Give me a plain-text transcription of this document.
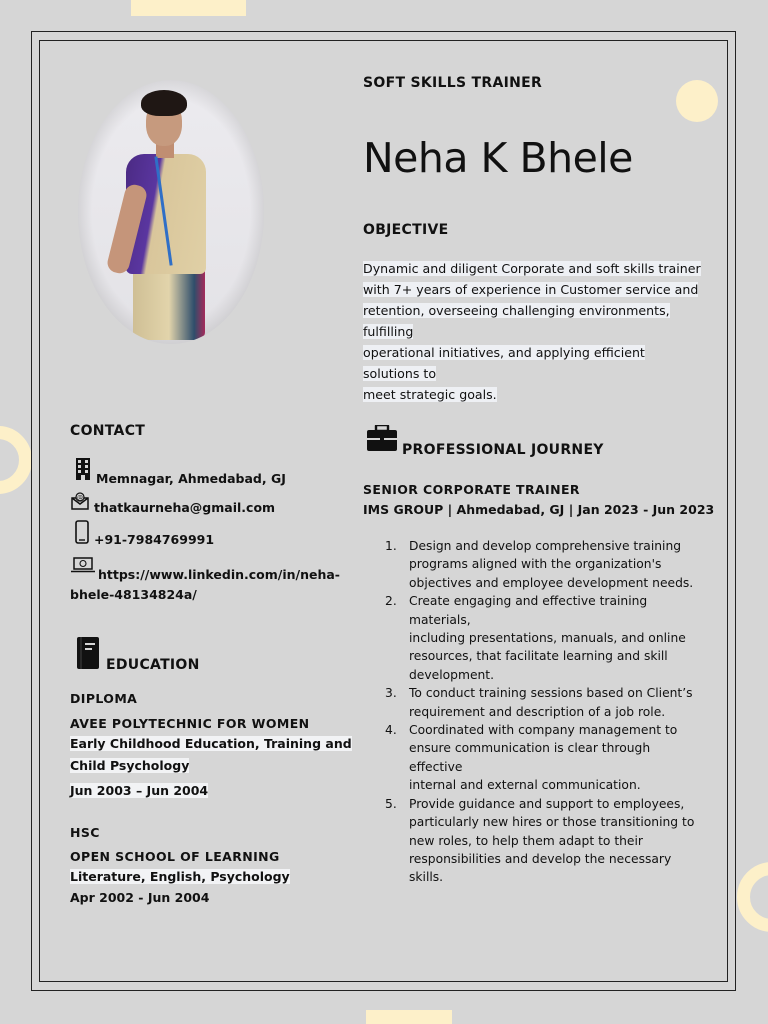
SOFT SKILLS TRAINER
Neha K Bhele
OBJECTIVE
Dynamic and diligent Corporate and soft skills trainer
with 7+ years of experience in Customer service and
retention, overseeing challenging environments, fulfilling
operational initiatives, and applying efficient solutions to
meet strategic goals.
CONTACT
Memnagar, Ahmedabad, GJ
@
thatkaurneha@gmail.com
+91-7984769991
https://www.linkedin.com/in/neha-
bhele-48134824a/
EDUCATION
DIPLOMA
AVEE POLYTECHNIC FOR WOMEN
Early Childhood Education, Training and
Child Psychology
Jun 2003 – Jun 2004
HSC
OPEN SCHOOL OF LEARNING
Literature, English, Psychology
Apr 2002 - Jun 2004
PROFESSIONAL JOURNEY
SENIOR CORPORATE TRAINER
IMS GROUP | Ahmedabad, GJ | Jan 2023 - Jun 2023
1. Design and develop comprehensive training
programs aligned with the organization's
objectives and employee development needs.
2. Create engaging and effective training materials,
including presentations, manuals, and online
resources, that facilitate learning and skill
development.
3. To conduct training sessions based on Client’s
requirement and description of a job role.
4. Coordinated with company management to
ensure communication is clear through effective
internal and external communication.
5. Provide guidance and support to employees,
particularly new hires or those transitioning to
new roles, to help them adapt to their
responsibilities and develop the necessary skills.
